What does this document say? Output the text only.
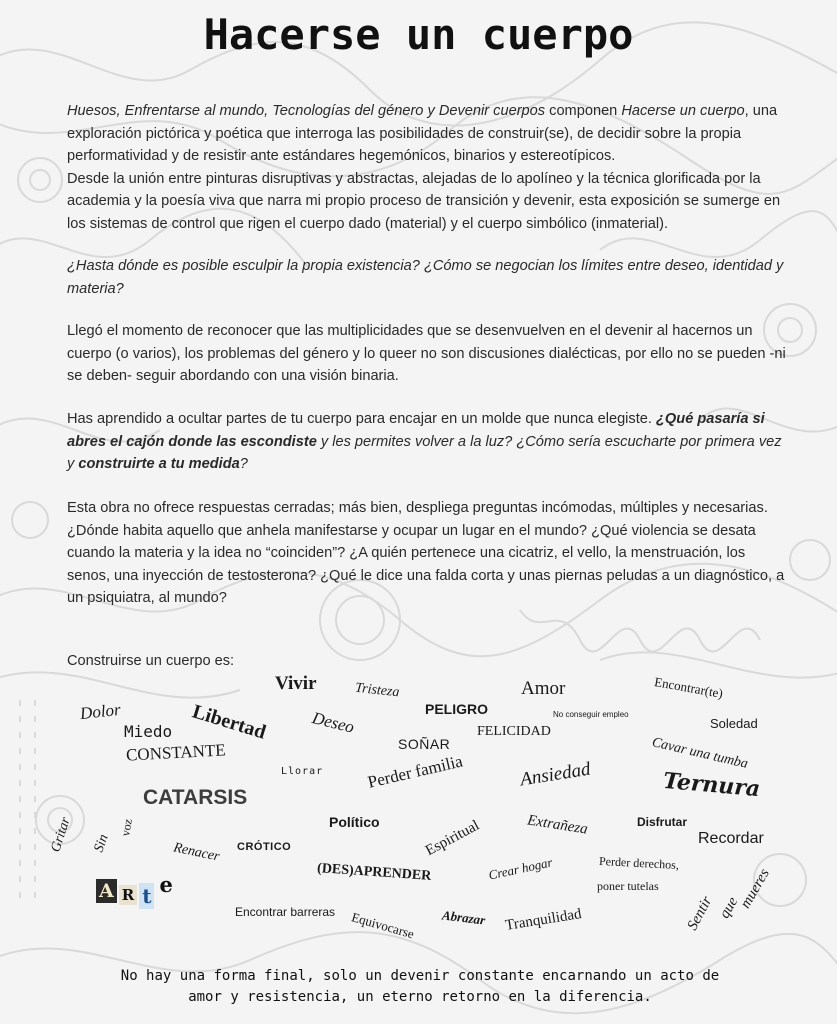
Hacerse un cuerpo

Huesos, Enfrentarse al mundo, Tecnologías del género y Devenir cuerpos componen Hacerse un cuerpo, una exploración pictórica y poética que interroga las posibilidades de construir(se), de decidir sobre la propia performatividad y de resistir ante estándares hegemónicos, binarios y estereotípicos.
Desde la unión entre pinturas disruptivas y abstractas, alejadas de lo apolíneo y la técnica glorificada por la academia y la poesía viva que narra mi propio proceso de transición y devenir, esta exposición se sumerge en los sistemas de control que rigen el cuerpo dado (material) y el cuerpo simbólico (inmaterial).

¿Hasta dónde es posible esculpir la propia existencia? ¿Cómo se negocian los límites entre deseo, identidad y materia?

Llegó el momento de reconocer que las multiplicidades que se desenvuelven en el devenir al hacernos un cuerpo (o varios), los problemas del género y lo queer no son discusiones dialécticas, por ello no se pueden -ni se deben- seguir abordando con una visión binaria.

Has aprendido a ocultar partes de tu cuerpo para encajar en un molde que nunca elegiste. ¿Qué pasaría si abres el cajón donde las escondiste y les permites volver a la luz? ¿Cómo sería escucharte por primera vez y construirte a tu medida?

Esta obra no ofrece respuestas cerradas; más bien, despliega preguntas incómodas, múltiples y necesarias. ¿Dónde habita aquello que anhela manifestarse y ocupar un lugar en el mundo? ¿Qué violencia se desata cuando la materia y la idea no “coinciden”? ¿A quién pertenece una cicatriz, el vello, la menstruación, los senos, una inyección de testosterona? ¿Qué le dice una falda corta y unas piernas peludas a un diagnóstico, a un psiquiatra, al mundo?

Construirse un cuerpo es:
Vivir	Tristeza
PELIGRO
Amor	Encontrar(te)
Dolor	Libertad Deseo	No conseguir empleo
Soledad
Miedo	FELICIDAD
SOÑAR	Cavar una tumba
CONSTANTE
Llorar	Perder familia	Ansiedad	Ternura
CATARSIS
Gritar Sin
voz	Político	Espiritual	Extrañeza	Disfrutar
Recordar
Renacer CRÓTICO
(DES)APRENDER	Crear hogar	Perder derechos,
poner tutelas
Sentir que
mueres
A R t e
Encontrar barreras Equivocarse Abrazar Tranquilidad

No hay una forma final, solo un devenir constante encarnando un acto de amor y resistencia, un eterno retorno en la diferencia.
